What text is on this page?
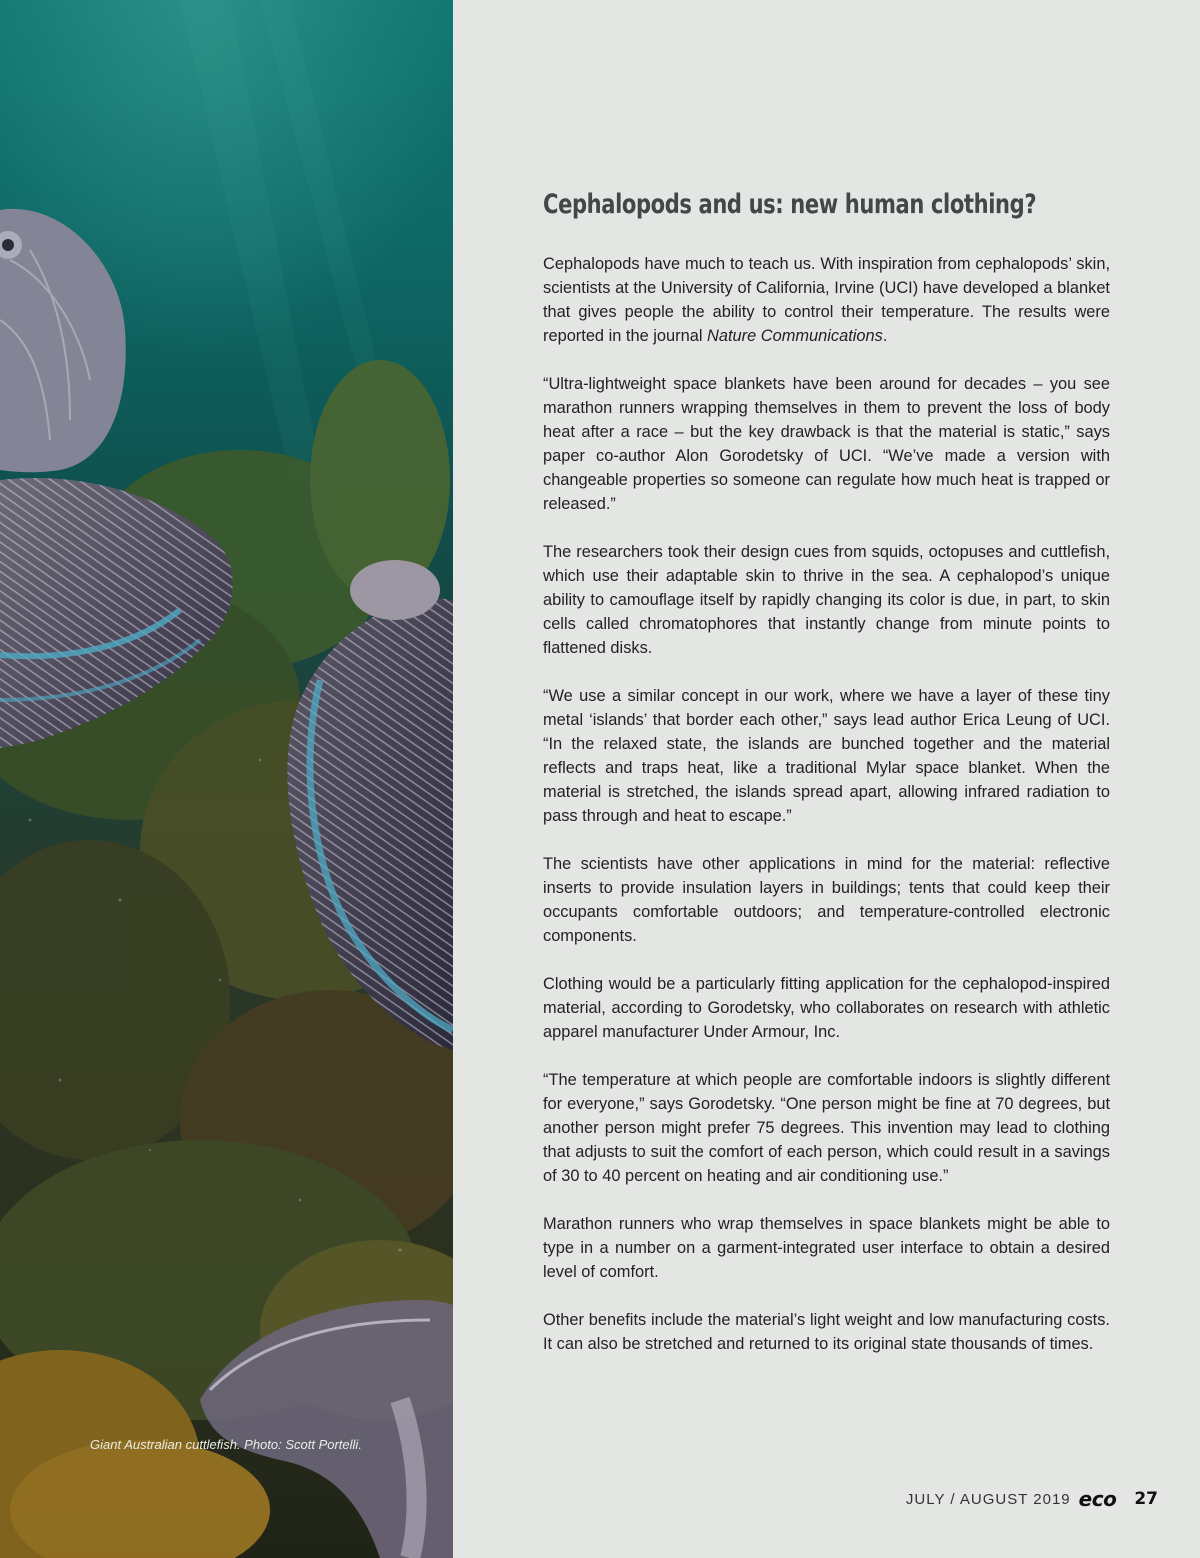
Giant Australian cuttlefish. Photo: Scott Portelli.
Cephalopods and us: new human clothing?

Cephalopods have much to teach us. With inspiration from cephalopods’ skin, scientists at the University of California, Irvine (UCI) have developed a blanket that gives people the ability to control their temperature. The results were reported in the journal Nature Communications.

“Ultra-lightweight space blankets have been around for decades – you see marathon runners wrapping themselves in them to prevent the loss of body heat after a race – but the key drawback is that the material is static,” says paper co-author Alon Gorodetsky of UCI. “We’ve made a version with changeable properties so someone can regulate how much heat is trapped or released.”

The researchers took their design cues from squids, octopuses and cuttlefish, which use their adaptable skin to thrive in the sea. A cephalopod’s unique ability to camouflage itself by rapidly changing its color is due, in part, to skin cells called chromatophores that instantly change from minute points to flattened disks.

“We use a similar concept in our work, where we have a layer of these tiny metal ‘islands’ that border each other,” says lead author Erica Leung of UCI. “In the relaxed state, the islands are bunched together and the material reflects and traps heat, like a traditional Mylar space blanket. When the material is stretched, the islands spread apart, allowing infrared radiation to pass through and heat to escape.”

The scientists have other applications in mind for the material: reflective inserts to provide insulation layers in buildings; tents that could keep their occupants comfortable outdoors; and temperature-controlled electronic components.

Clothing would be a particularly fitting application for the cephalopod-inspired material, according to Gorodetsky, who collaborates on research with athletic apparel manufacturer Under Armour, Inc.

“The temperature at which people are comfortable indoors is slightly different for everyone,” says Gorodetsky. “One person might be fine at 70 degrees, but another person might prefer 75 degrees. This invention may lead to clothing that adjusts to suit the comfort of each person, which could result in a savings of 30 to 40 percent on heating and air conditioning use.”

Marathon runners who wrap themselves in space blankets might be able to type in a number on a garment-integrated user interface to obtain a desired level of comfort.

Other benefits include the material’s light weight and low manufacturing costs. It can also be stretched and returned to its original state thousands of times.

JULY / AUGUST 2019 eco 27
